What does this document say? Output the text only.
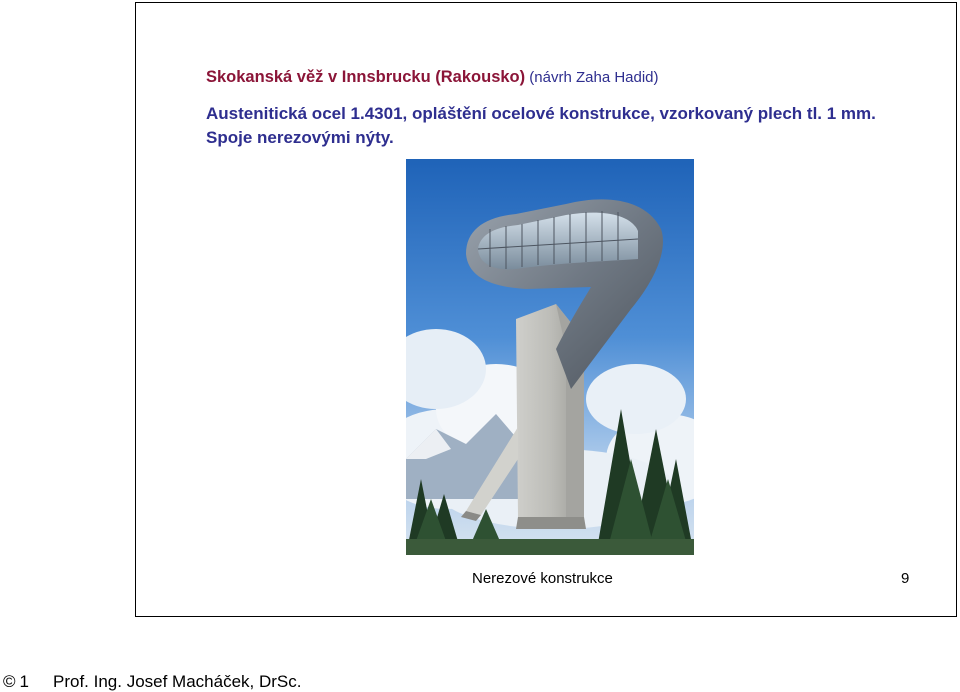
Skokanská věž v Innsbrucku (Rakousko) (návrh Zaha Hadid)
Austenitická ocel 1.4301, opláštění ocelové konstrukce, vzorkovaný plech tl. 1 mm.
Spoje nerezovými nýty.
Nerezové konstrukce	9
© 1 Prof. Ing. Josef Macháček, DrSc.
